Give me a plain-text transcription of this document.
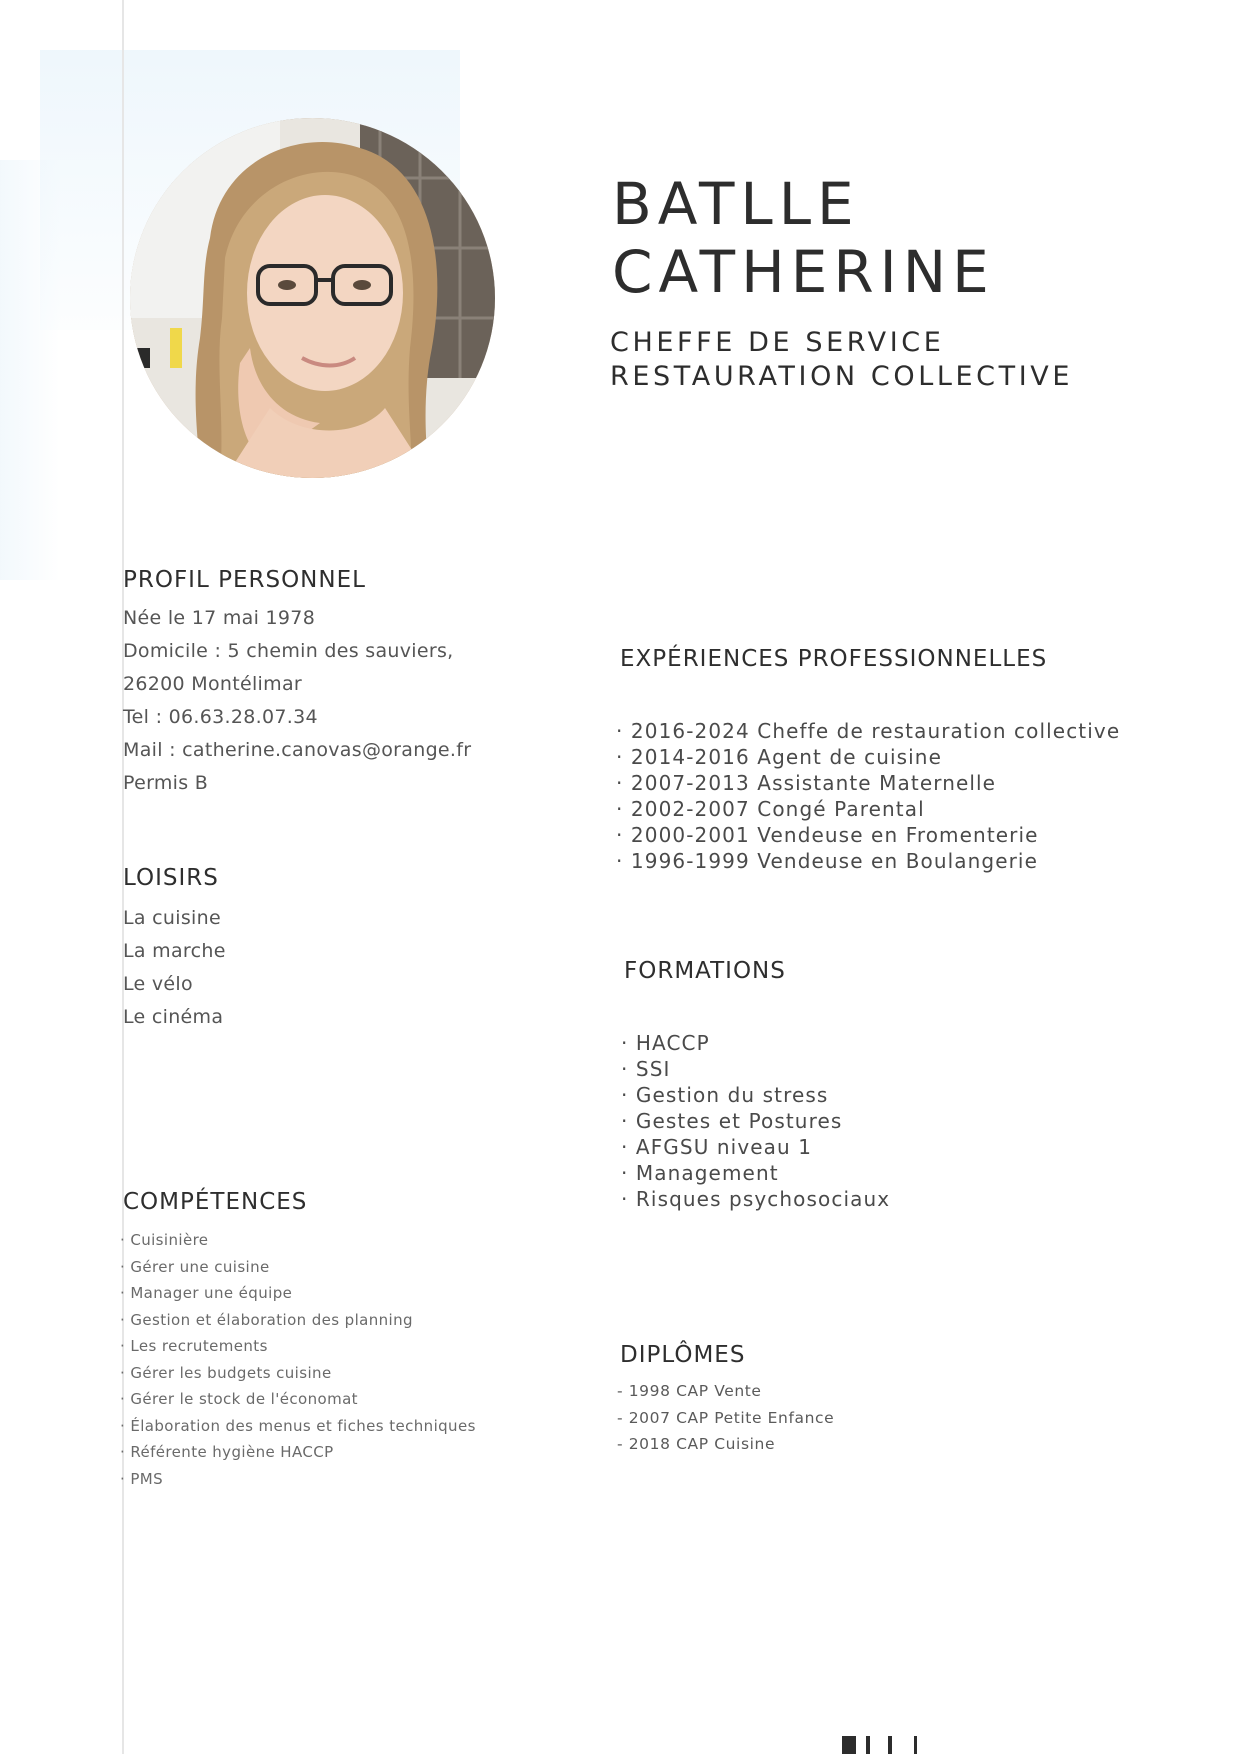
BATLLE
CATHERINE
CHEFFE DE SERVICE
RESTAURATION COLLECTIVE
PROFIL PERSONNEL
Née le 17 mai 1978
Domicile : 5 chemin des sauviers,
26200 Montélimar
Tel : 06.63.28.07.34
Mail : catherine.canovas@orange.fr
Permis B
LOISIRS
La cuisine
La marche
Le vélo
Le cinéma
COMPÉTENCES
· Cuisinière
· Gérer une cuisine
· Manager une équipe
· Gestion et élaboration des planning
· Les recrutements
· Gérer les budgets cuisine
· Gérer le stock de l'économat
· Élaboration des menus et fiches techniques
· Référente hygiène HACCP
· PMS
EXPÉRIENCES PROFESSIONNELLES
· 2016-2024 Cheffe de restauration collective
· 2014-2016 Agent de cuisine
· 2007-2013 Assistante Maternelle
· 2002-2007 Congé Parental
· 2000-2001 Vendeuse en Fromenterie
· 1996-1999 Vendeuse en Boulangerie
FORMATIONS
· HACCP
· SSI
· Gestion du stress
· Gestes et Postures
· AFGSU niveau 1
· Management
· Risques psychosociaux
DIPLÔMES
- 1998 CAP Vente
- 2007 CAP Petite Enfance
- 2018 CAP Cuisine
